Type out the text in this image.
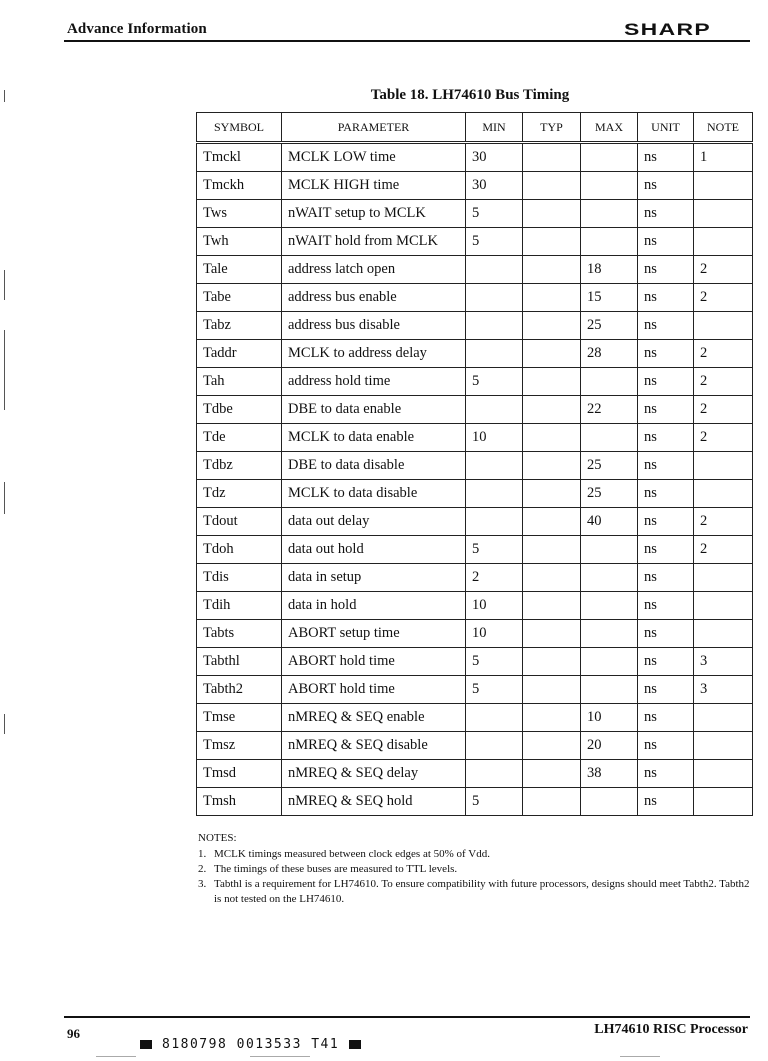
Advance Information	SHARP
Table 18. LH74610 Bus Timing
SYMBOL	PARAMETER	MIN	TYP	MAX	UNIT	NOTE
Tmckl	MCLK LOW time	30			ns	1
Tmckh	MCLK HIGH time	30			ns	
Tws	nWAIT setup to MCLK	5			ns	
Twh	nWAIT hold from MCLK	5			ns	
Tale	address latch open			18	ns	2
Tabe	address bus enable			15	ns	2
Tabz	address bus disable			25	ns	
Taddr	MCLK to address delay			28	ns	2
Tah	address hold time	5			ns	2
Tdbe	DBE to data enable			22	ns	2
Tde	MCLK to data enable	10			ns	2
Tdbz	DBE to data disable			25	ns	
Tdz	MCLK to data disable			25	ns	
Tdout	data out delay			40	ns	2
Tdoh	data out hold	5			ns	2
Tdis	data in setup	2			ns	
Tdih	data in hold	10			ns	
Tabts	ABORT setup time	10			ns	
Tabthl	ABORT hold time	5			ns	3
Tabth2	ABORT hold time	5			ns	3
Tmse	nMREQ & SEQ enable			10	ns	
Tmsz	nMREQ & SEQ disable			20	ns	
Tmsd	nMREQ & SEQ delay			38	ns	
Tmsh	nMREQ & SEQ hold	5			ns	
NOTES:
1. MCLK timings measured between clock edges at 50% of Vdd.
2. The timings of these buses are measured to TTL levels.
3. Tabthl is a requirement for LH74610. To ensure compatibility with future processors, designs should meet Tabth2. Tabth2 is not tested on the LH74610.
96	LH74610 RISC Processor
8180798 0013533 T41
